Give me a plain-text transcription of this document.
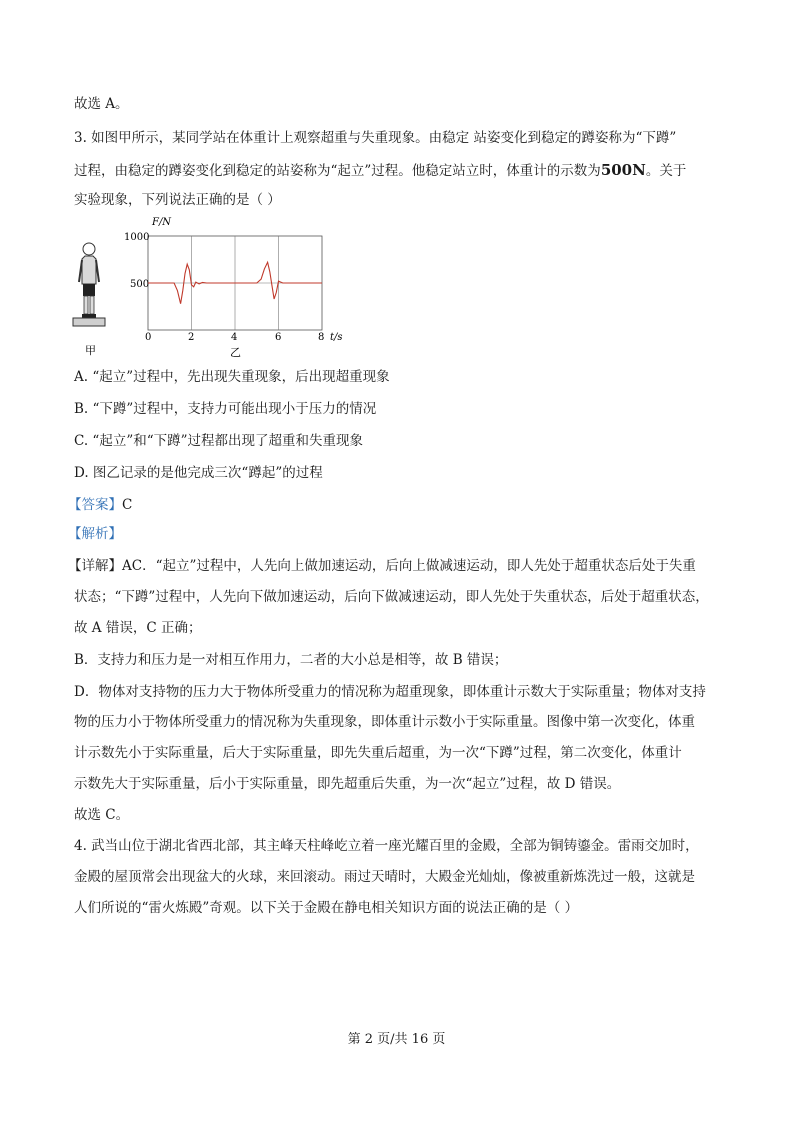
故选 A。
3. 如图甲所示，某同学站在体重计上观察超重与失重现象。由稳定 站姿变化到稳定的蹲姿称为“下蹲”
过程，由稳定的蹲姿变化到稳定的站姿称为“起立”过程。他稳定站立时，体重计的示数为500N。关于
实验现象，下列说法正确的是（ ）
甲
F/N
1000
500
0	2	4	6	8 t/s
乙
A. “起立”过程中，先出现失重现象，后出现超重现象
B. “下蹲”过程中，支持力可能出现小于压力的情况
C. “起立”和“下蹲”过程都出现了超重和失重现象
D. 图乙记录的是他完成三次“蹲起”的过程
【答案】C
【解析】
【详解】AC．“起立”过程中，人先向上做加速运动，后向上做减速运动，即人先处于超重状态后处于失重
状态；“下蹲”过程中，人先向下做加速运动，后向下做减速运动，即人先处于失重状态，后处于超重状态，
故 A 错误，C 正确；
B．支持力和压力是一对相互作用力，二者的大小总是相等，故 B 错误；
D．物体对支持物的压力大于物体所受重力的情况称为超重现象，即体重计示数大于实际重量；物体对支持
物的压力小于物体所受重力的情况称为失重现象，即体重计示数小于实际重量。图像中第一次变化，体重
计示数先小于实际重量，后大于实际重量，即先失重后超重，为一次“下蹲”过程，第二次变化，体重计
示数先大于实际重量，后小于实际重量，即先超重后失重，为一次“起立”过程，故 D 错误。
故选 C。
4. 武当山位于湖北省西北部，其主峰天柱峰屹立着一座光耀百里的金殿，全部为铜铸鎏金。雷雨交加时，
金殿的屋顶常会出现盆大的火球，来回滚动。雨过天晴时，大殿金光灿灿，像被重新炼洗过一般，这就是
人们所说的“雷火炼殿”奇观。以下关于金殿在静电相关知识方面的说法正确的是（ ）
第 2 页/共 16 页
